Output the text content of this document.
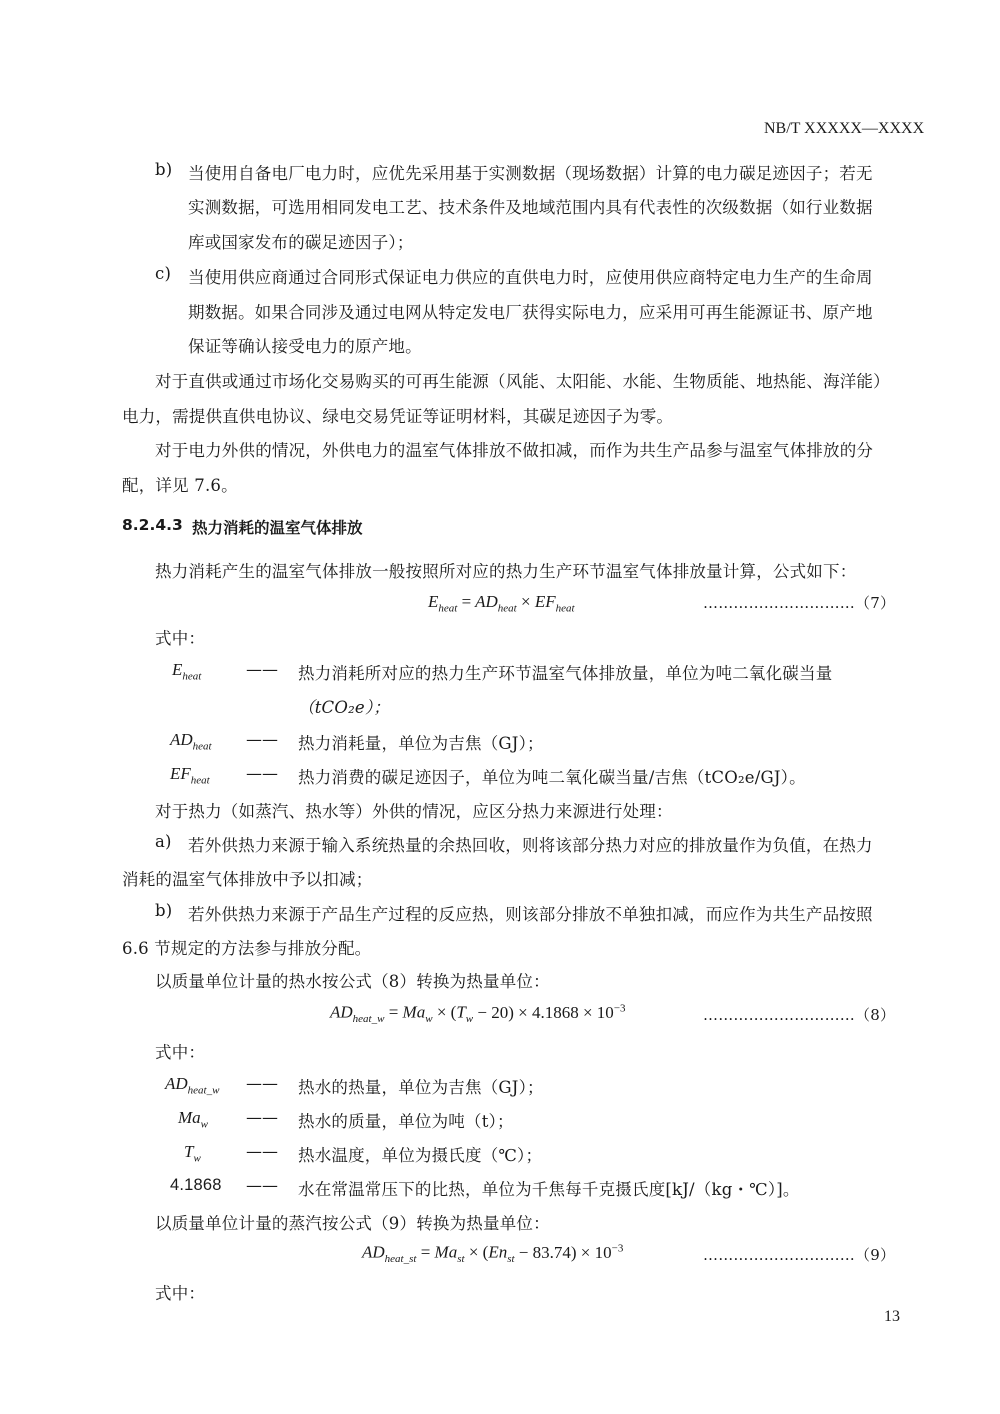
NB/T XXXXX—XXXX
b) 当使用自备电厂电力时，应优先采用基于实测数据（现场数据）计算的电力碳足迹因子；若无
实测数据，可选用相同发电工艺、技术条件及地域范围内具有代表性的次级数据（如行业数据
库或国家发布的碳足迹因子）；
c) 当使用供应商通过合同形式保证电力供应的直供电力时，应使用供应商特定电力生产的生命周
期数据。如果合同涉及通过电网从特定发电厂获得实际电力，应采用可再生能源证书、原产地
保证等确认接受电力的原产地。
对于直供或通过市场化交易购买的可再生能源（风能、太阳能、水能、生物质能、地热能、海洋能）
电力，需提供直供电协议、绿电交易凭证等证明材料，其碳足迹因子为零。
对于电力外供的情况，外供电力的温室气体排放不做扣减，而作为共生产品参与温室气体排放的分
配，详见 7.6。
8.2.4.3 热力消耗的温室气体排放
热力消耗产生的温室气体排放一般按照所对应的热力生产环节温室气体排放量计算，公式如下：
$E_{heat} = AD_{heat} \times EF_{heat}$	…………………………（7）
式中：
$E_{heat}$	—— 热力消耗所对应的热力生产环节温室气体排放量，单位为吨二氧化碳当量
（tCO₂e）；
$AD_{heat}$ —— 热力消耗量，单位为吉焦（GJ）；
$EF_{heat}$ —— 热力消费的碳足迹因子，单位为吨二氧化碳当量/吉焦（tCO₂e/GJ）。
对于热力（如蒸汽、热水等）外供的情况，应区分热力来源进行处理：
a) 若外供热力来源于输入系统热量的余热回收，则将该部分热力对应的排放量作为负值，在热力
消耗的温室气体排放中予以扣减；
b) 若外供热力来源于产品生产过程的反应热，则该部分排放不单独扣减，而应作为共生产品按照
6.6 节规定的方法参与排放分配。
以质量单位计量的热水按公式（8）转换为热量单位：
$AD_{heat\_w} = Ma_w \times (T_w - 20) \times 4.1868 \times 10^{-3}$	…………………………（8）
式中：
$AD_{heat\_w}$ —— 热水的热量，单位为吉焦（GJ）；
$Ma_w$ —— 热水的质量，单位为吨（t）；
$T_w$	—— 热水温度，单位为摄氏度（℃）；
4.1868 —— 水在常温常压下的比热，单位为千焦每千克摄氏度[kJ/（kg・℃）]。
以质量单位计量的蒸汽按公式（9）转换为热量单位：
$AD_{heat\_st} = Ma_{st} \times (En_{st} - 83.74) \times 10^{-3}$	…………………………（9）
式中：
13
